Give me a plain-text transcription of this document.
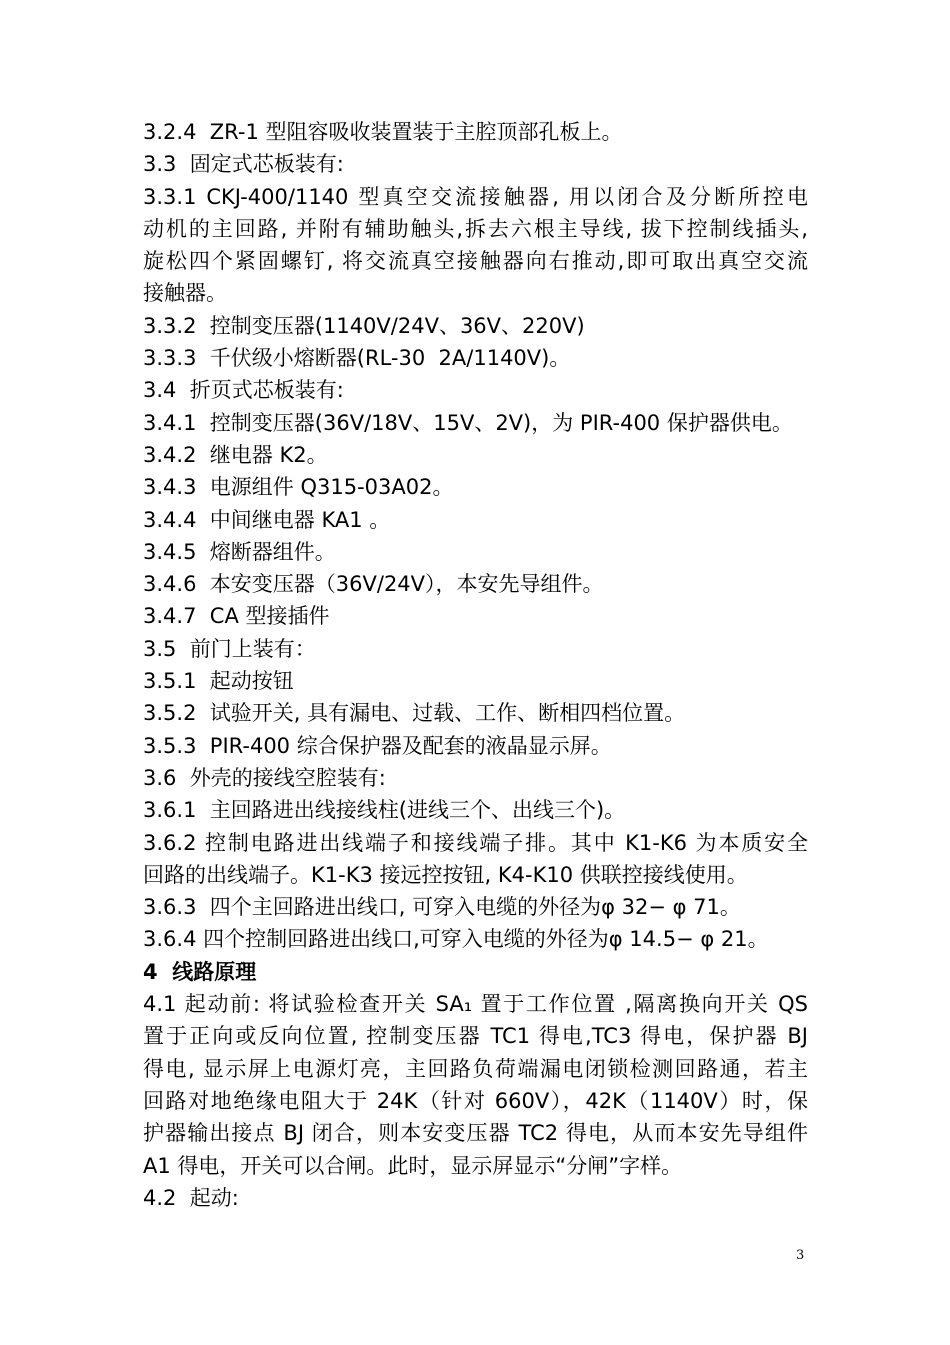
3.2.4  ZR-1 型阻容吸收装置装于主腔顶部孔板上。
3.3  固定式芯板装有:
3.3.1 CKJ-400/1140 型真空交流接触器, 用以闭合及分断所控电
动机的主回路, 并附有辅助触头,拆去六根主导线, 拔下控制线插头,
旋松四个紧固螺钉, 将交流真空接触器向右推动,即可取出真空交流
接触器。
3.3.2  控制变压器(1140V/24V、36V、220V)
3.3.3  千伏级小熔断器(RL-30  2A/1140V)。
3.4  折页式芯板装有:
3.4.1  控制变压器(36V/18V、15V、2V)，为 PIR-400 保护器供电。
3.4.2  继电器 K2。
3.4.3  电源组件 Q315-03A02。
3.4.4  中间继电器 KA1 。
3.4.5  熔断器组件。
3.4.6  本安变压器（36V/24V），本安先导组件。
3.4.7  CA 型接插件
3.5  前门上装有：
3.5.1  起动按钮
3.5.2  试验开关, 具有漏电、过载、工作、断相四档位置。
3.5.3  PIR-400 综合保护器及配套的液晶显示屏。
3.6  外壳的接线空腔装有:
3.6.1  主回路进出线接线柱(进线三个、出线三个)。
3.6.2 控制电路进出线端子和接线端子排。其中 K1-K6 为本质安全
回路的出线端子。K1-K3 接远控按钮, K4-K10 供联控接线使用。
3.6.3  四个主回路进出线口, 可穿入电缆的外径为φ 32− φ 71。
3.6.4 四个控制回路进出线口,可穿入电缆的外径为φ 14.5− φ 21。
4  线路原理
4.1 起动前: 将试验检查开关 SA₁ 置于工作位置 ,隔离换向开关 QS
置于正向或反向位置, 控制变压器 TC1 得电,TC3 得电，保护器 BJ
得电, 显示屏上电源灯亮，主回路负荷端漏电闭锁检测回路通，若主
回路对地绝缘电阻大于 24K（针对 660V），42K（1140V）时，保
护器输出接点 BJ 闭合，则本安变压器 TC2 得电，从而本安先导组件
A1 得电，开关可以合闸。此时，显示屏显示“分闸”字样。
4.2  起动:
3
